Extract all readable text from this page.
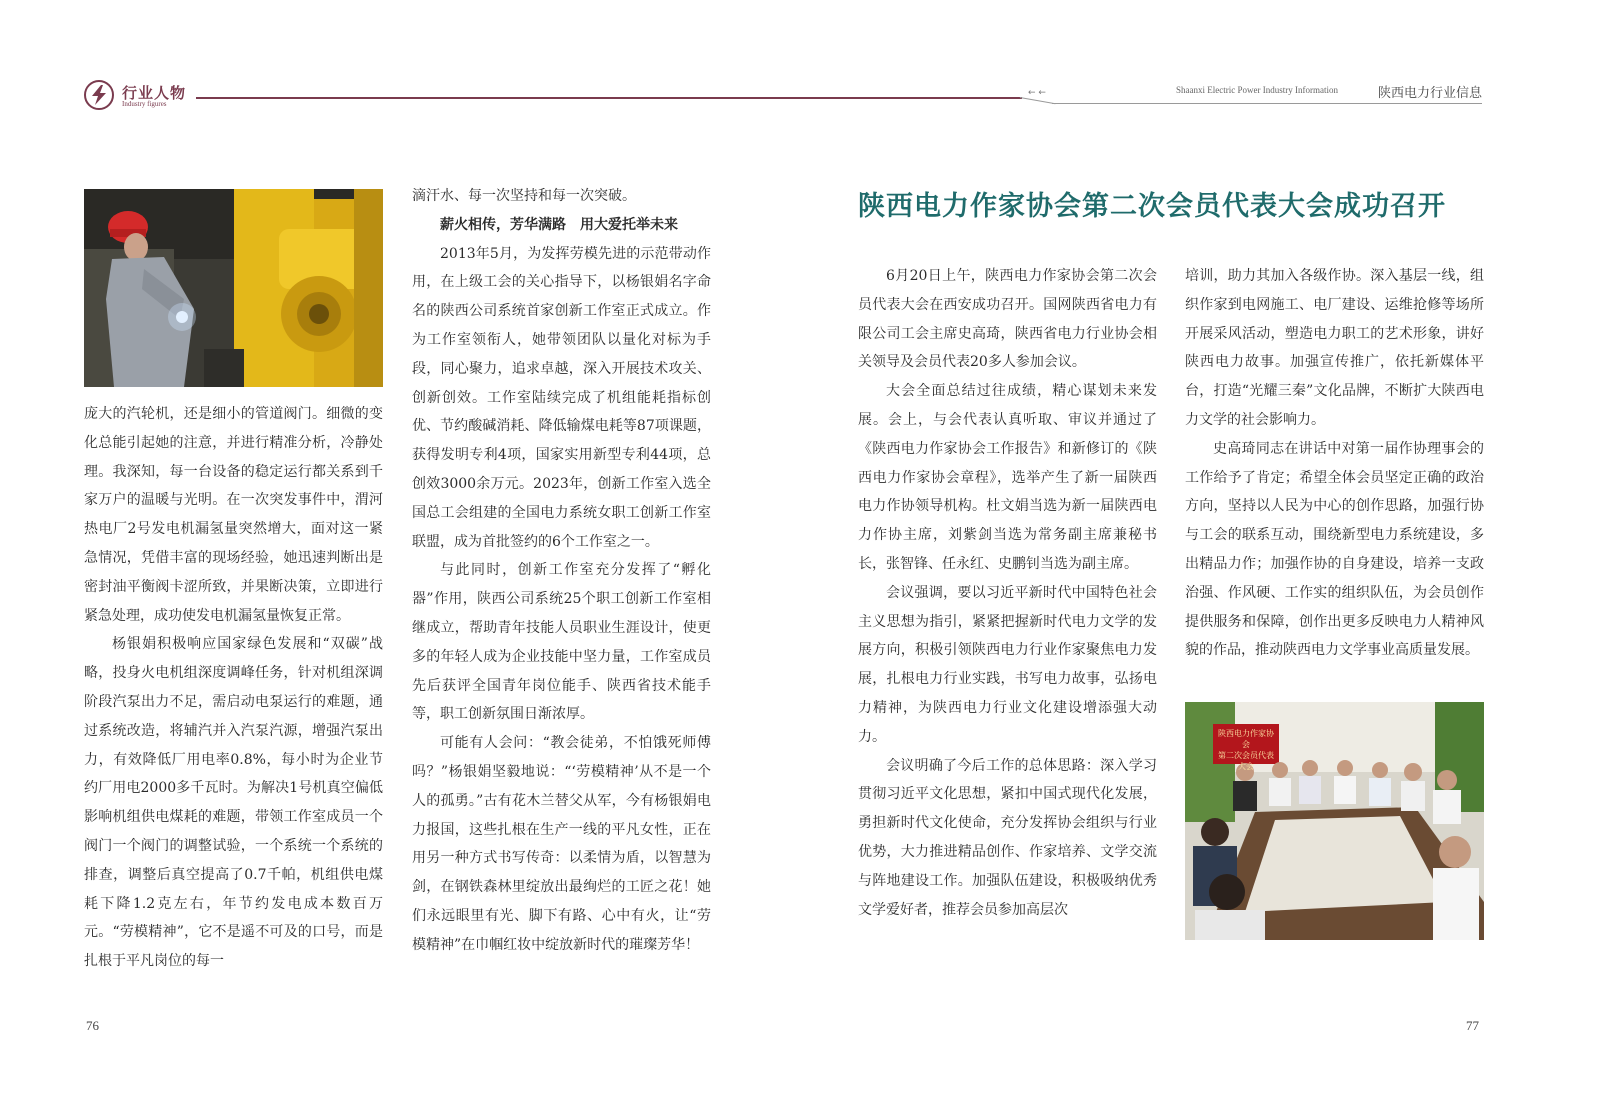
行业人物
Industry figures
← ←	Shaanxi Electric Power Industry Information	陕西电力行业信息

庞大的汽轮机，还是细小的管道阀门。细微的变化总能引起她的注意，并进行精准分析，冷静处理。我深知，每一台设备的稳定运行都关系到千家万户的温暖与光明。在一次突发事件中，渭河热电厂2号发电机漏氢量突然增大，面对这一紧急情况，凭借丰富的现场经验，她迅速判断出是密封油平衡阀卡涩所致，并果断决策，立即进行紧急处理，成功使发电机漏氢量恢复正常。

杨银娟积极响应国家绿色发展和“双碳”战略，投身火电机组深度调峰任务，针对机组深调阶段汽泵出力不足，需启动电泵运行的难题，通过系统改造，将辅汽并入汽泵汽源，增强汽泵出力，有效降低厂用电率0.8%，每小时为企业节约厂用电2000多千瓦时。为解决1号机真空偏低影响机组供电煤耗的难题，带领工作室成员一个阀门一个阀门的调整试验，一个系统一个系统的排查，调整后真空提高了0.7千帕，机组供电煤耗下降1.2克左右，年节约发电成本数百万元。“劳模精神”，它不是遥不可及的口号，而是扎根于平凡岗位的每一

滴汗水、每一次坚持和每一次突破。

薪火相传，芳华满路　用大爱托举未来

2013年5月，为发挥劳模先进的示范带动作用，在上级工会的关心指导下，以杨银娟名字命名的陕西公司系统首家创新工作室正式成立。作为工作室领衔人，她带领团队以量化对标为手段，同心聚力，追求卓越，深入开展技术攻关、创新创效。工作室陆续完成了机组能耗指标创优、节约酸碱消耗、降低输煤电耗等87项课题，获得发明专利4项，国家实用新型专利44项，总创效3000余万元。2023年，创新工作室入选全国总工会组建的全国电力系统女职工创新工作室联盟，成为首批签约的6个工作室之一。

与此同时，创新工作室充分发挥了“孵化器”作用，陕西公司系统25个职工创新工作室相继成立，帮助青年技能人员职业生涯设计，使更多的年轻人成为企业技能中坚力量，工作室成员先后获评全国青年岗位能手、陕西省技术能手等，职工创新氛围日渐浓厚。

可能有人会问：“教会徒弟，不怕饿死师傅吗？”杨银娟坚毅地说：“‘劳模精神’从不是一个人的孤勇。”古有花木兰替父从军，今有杨银娟电力报国，这些扎根在生产一线的平凡女性，正在用另一种方式书写传奇：以柔情为盾，以智慧为剑，在钢铁森林里绽放出最绚烂的工匠之花！她们永远眼里有光、脚下有路、心中有火，让“劳模精神”在巾帼红妆中绽放新时代的璀璨芳华！

陕西电力作家协会第二次会员代表大会成功召开

6月20日上午，陕西电力作家协会第二次会员代表大会在西安成功召开。国网陕西省电力有限公司工会主席史高琦，陕西省电力行业协会相关领导及会员代表20多人参加会议。

大会全面总结过往成绩，精心谋划未来发展。会上，与会代表认真听取、审议并通过了《陕西电力作家协会工作报告》和新修订的《陕西电力作家协会章程》，选举产生了新一届陕西电力作协领导机构。杜文娟当选为新一届陕西电力作协主席，刘紫剑当选为常务副主席兼秘书长，张智锋、任永红、史鹏钊当选为副主席。

会议强调，要以习近平新时代中国特色社会主义思想为指引，紧紧把握新时代电力文学的发展方向，积极引领陕西电力行业作家聚焦电力发展，扎根电力行业实践，书写电力故事，弘扬电力精神，为陕西电力行业文化建设增添强大动力。

会议明确了今后工作的总体思路：深入学习贯彻习近平文化思想，紧扣中国式现代化发展，勇担新时代文化使命，充分发挥协会组织与行业优势，大力推进精品创作、作家培养、文学交流与阵地建设工作。加强队伍建设，积极吸纳优秀文学爱好者，推荐会员参加高层次

培训，助力其加入各级作协。深入基层一线，组织作家到电网施工、电厂建设、运维抢修等场所开展采风活动，塑造电力职工的艺术形象，讲好陕西电力故事。加强宣传推广，依托新媒体平台，打造“光耀三秦”文化品牌，不断扩大陕西电力文学的社会影响力。

史高琦同志在讲话中对第一届作协理事会的工作给予了肯定；希望全体会员坚定正确的政治方向，坚持以人民为中心的创作思路，加强行协与工会的联系互动，围绕新型电力系统建设，多出精品力作；加强作协的自身建设，培养一支政治强、作风硬、工作实的组织队伍，为会员创作提供服务和保障，创作出更多反映电力人精神风貌的作品，推动陕西电力文学事业高质量发展。

陕西电力作家协会
第二次会员代表大会
76	77
